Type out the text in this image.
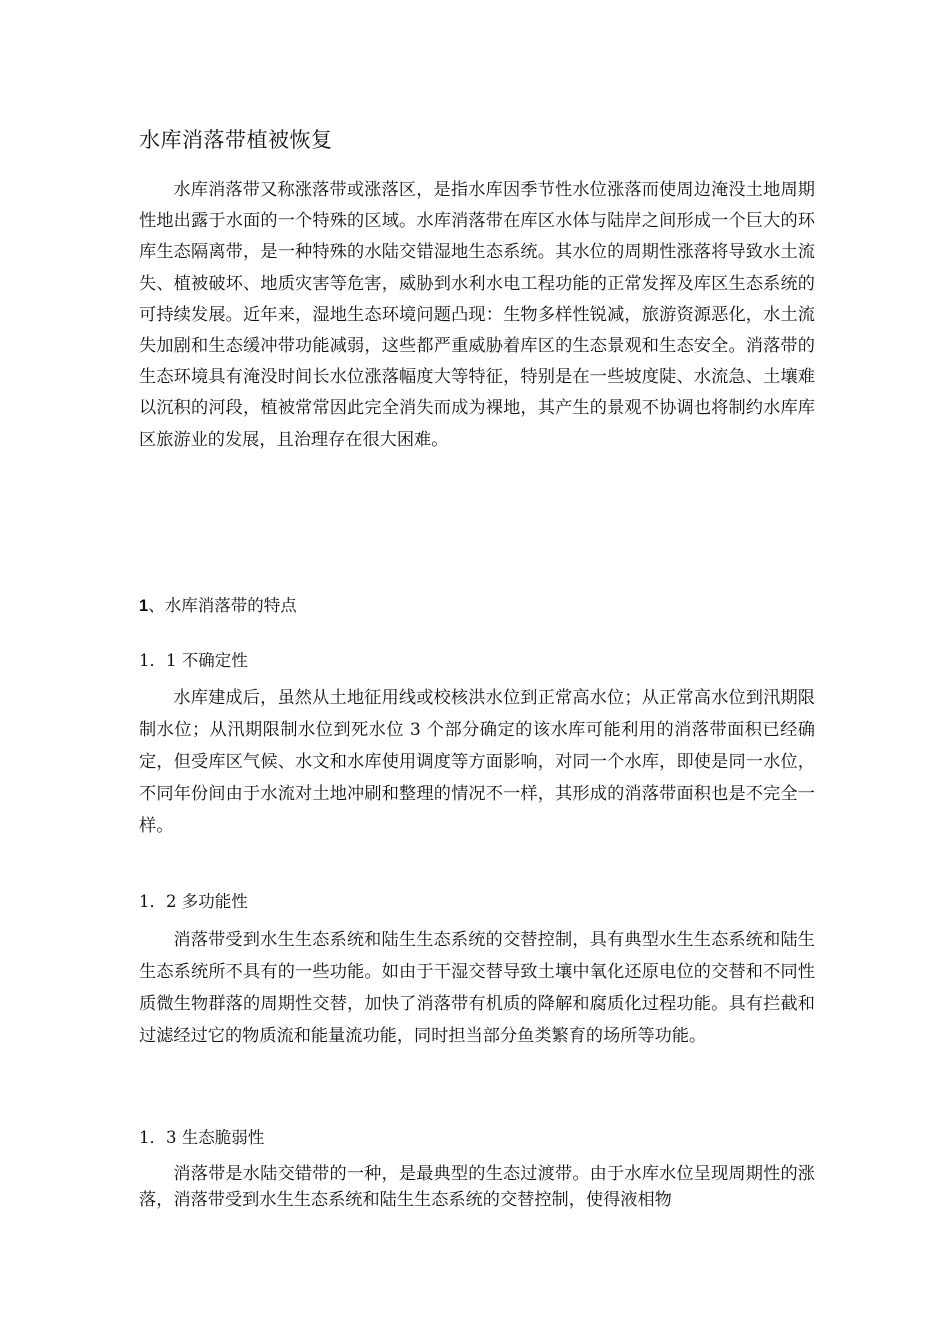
水库消落带植被恢复

水库消落带又称涨落带或涨落区，是指水库因季节性水位涨落而使周边淹没土地周期性地出露于水面的一个特殊的区域。水库消落带在库区水体与陆岸之间形成一个巨大的环库生态隔离带，是一种特殊的水陆交错湿地生态系统。其水位的周期性涨落将导致水土流失、植被破坏、地质灾害等危害，威胁到水利水电工程功能的正常发挥及库区生态系统的可持续发展。近年来，湿地生态环境问题凸现：生物多样性锐减，旅游资源恶化，水土流失加剧和生态缓冲带功能减弱，这些都严重威胁着库区的生态景观和生态安全。消落带的生态环境具有淹没时间长水位涨落幅度大等特征，特别是在一些坡度陡、水流急、土壤难以沉积的河段，植被常常因此完全消失而成为裸地，其产生的景观不协调也将制约水库库区旅游业的发展，且治理存在很大困难。

1、水库消落带的特点
1．1 不确定性

水库建成后，虽然从土地征用线或校核洪水位到正常高水位；从正常高水位到汛期限制水位；从汛期限制水位到死水位 3 个部分确定的该水库可能利用的消落带面积已经确定，但受库区气候、水文和水库使用调度等方面影响，对同一个水库，即使是同一水位，不同年份间由于水流对土地冲刷和整理的情况不一样，其形成的消落带面积也是不完全一样。

1．2 多功能性

消落带受到水生生态系统和陆生生态系统的交替控制，具有典型水生生态系统和陆生生态系统所不具有的一些功能。如由于干湿交替导致土壤中氧化还原电位的交替和不同性质微生物群落的周期性交替，加快了消落带有机质的降解和腐质化过程功能。具有拦截和过滤经过它的物质流和能量流功能，同时担当部分鱼类繁育的场所等功能。

1．3 生态脆弱性

消落带是水陆交错带的一种，是最典型的生态过渡带。由于水库水位呈现周期性的涨落，消落带受到水生生态系统和陆生生态系统的交替控制，使得液相物
